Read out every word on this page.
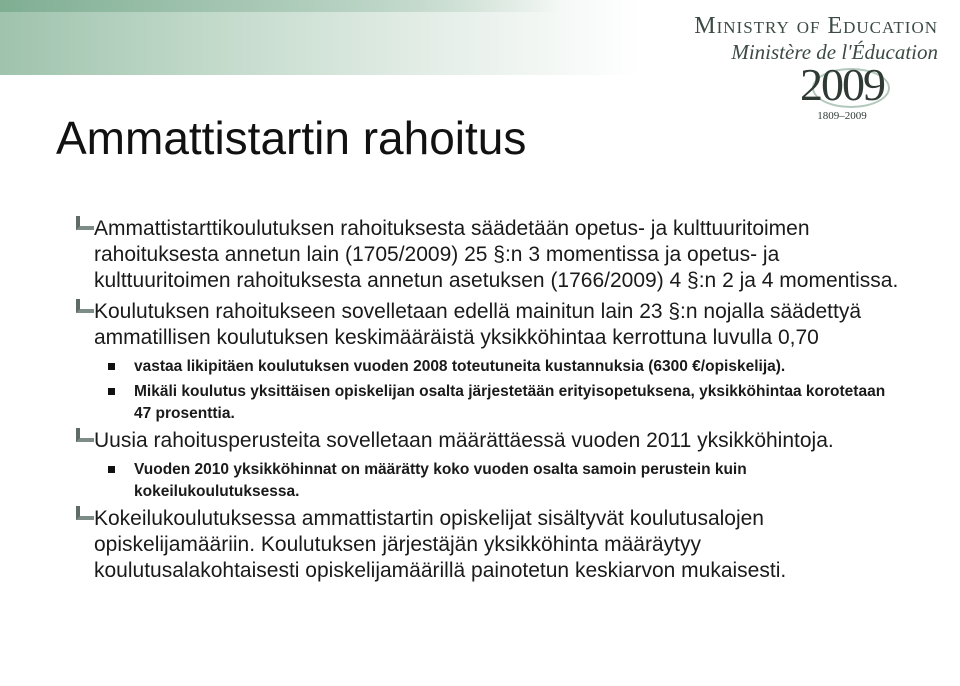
Ministry of Education
Ministère de l'Éducation
2009
1809–2009
Ammattistartin rahoitus
Ammattistarttikoulutuksen rahoituksesta säädetään opetus- ja kulttuuritoimen rahoituksesta annetun lain (1705/2009) 25 §:n 3 momentissa ja opetus- ja kulttuuritoimen rahoituksesta annetun asetuksen (1766/2009) 4 §:n 2 ja 4 momentissa.
Koulutuksen rahoitukseen sovelletaan edellä mainitun lain 23 §:n nojalla säädettyä ammatillisen koulutuksen keskimääräistä yksikköhintaa kerrottuna luvulla 0,70
vastaa likipitäen koulutuksen vuoden 2008 toteutuneita kustannuksia (6300 €/opiskelija).
Mikäli koulutus yksittäisen opiskelijan osalta järjestetään erityisopetuksena, yksikköhintaa korotetaan 47 prosenttia.
Uusia rahoitusperusteita sovelletaan määrättäessä vuoden 2011 yksikköhintoja.
Vuoden 2010 yksikköhinnat on määrätty koko vuoden osalta samoin perustein kuin kokeilukoulutuksessa.
Kokeilukoulutuksessa ammattistartin opiskelijat sisältyvät koulutusalojen opiskelijamääriin. Koulutuksen järjestäjän yksikköhinta määräytyy koulutusalakohtaisesti opiskelijamäärillä painotetun keskiarvon mukaisesti.
